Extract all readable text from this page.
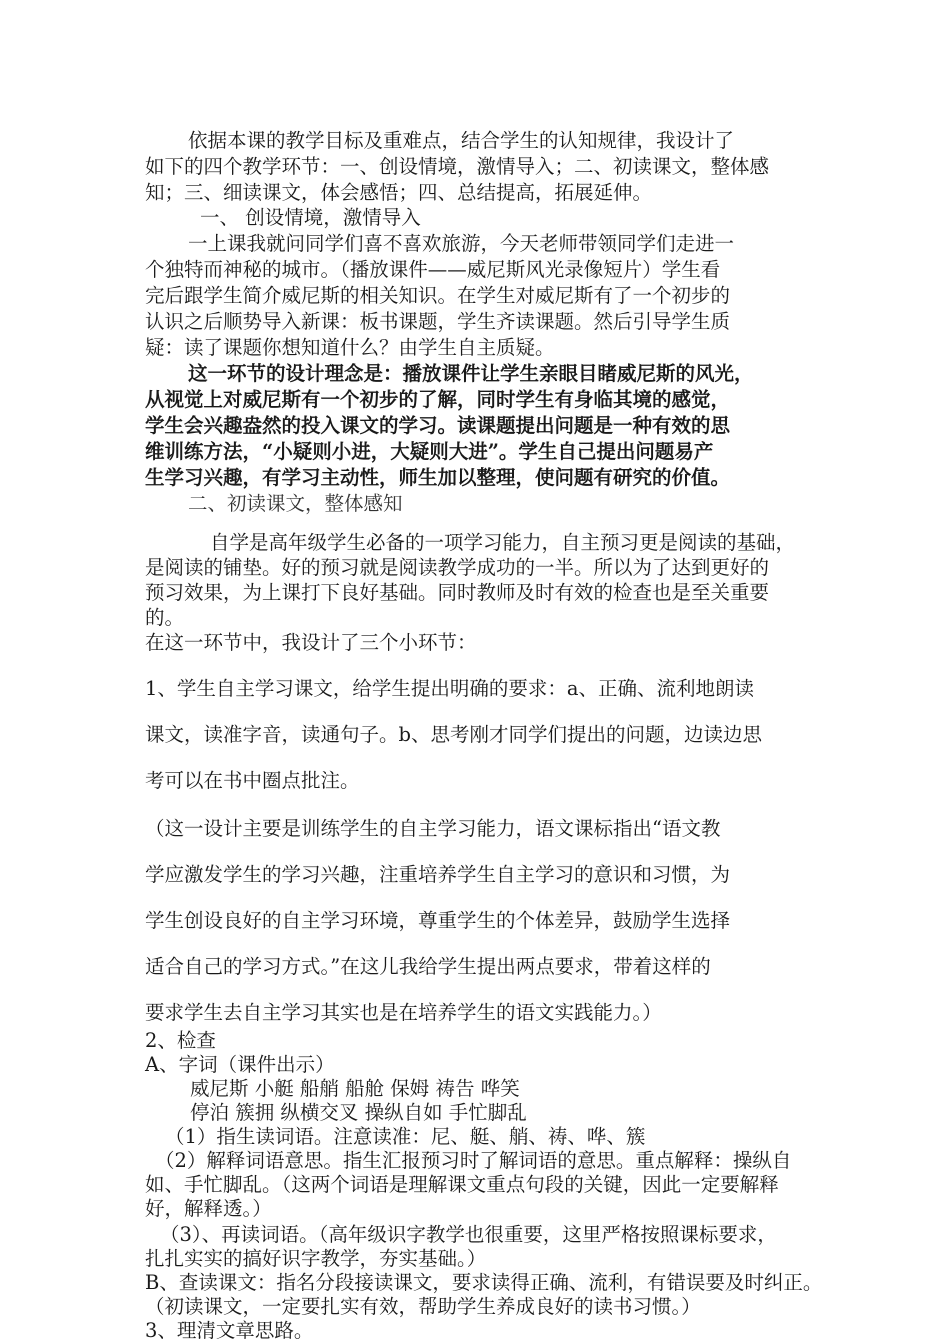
依据本课的教学目标及重难点，结合学生的认知规律，我设计了

如下的四个教学环节：一、创设情境，激情导入；二、初读课文，整体感

知；三、细读课文，体会感悟；四、总结提高，拓展延伸。

一、 创设情境，激情导入

一上课我就问同学们喜不喜欢旅游，今天老师带领同学们走进一

个独特而神秘的城市。（播放课件——威尼斯风光录像短片）学生看

完后跟学生简介威尼斯的相关知识。在学生对威尼斯有了一个初步的

认识之后顺势导入新课：板书课题，学生齐读课题。然后引导学生质

疑：读了课题你想知道什么？由学生自主质疑。

这一环节的设计理念是：播放课件让学生亲眼目睹威尼斯的风光，

从视觉上对威尼斯有一个初步的了解，同时学生有身临其境的感觉，

学生会兴趣盎然的投入课文的学习。读课题提出问题是一种有效的思

维训练方法，“小疑则小进，大疑则大进”。学生自己提出问题易产

生学习兴趣，有学习主动性，师生加以整理，使问题有研究的价值。

二、初读课文，整体感知

自学是高年级学生必备的一项学习能力，自主预习更是阅读的基础，

是阅读的铺垫。好的预习就是阅读教学成功的一半。所以为了达到更好的

预习效果，为上课打下良好基础。同时教师及时有效的检查也是至关重要

的。

在这一环节中，我设计了三个小环节：

1、学生自主学习课文，给学生提出明确的要求：a、正确、流利地朗读

课文，读准字音，读通句子。b、思考刚才同学们提出的问题，边读边思

考可以在书中圈点批注。

（这一设计主要是训练学生的自主学习能力，语文课标指出“语文教

学应激发学生的学习兴趣，注重培养学生自主学习的意识和习惯，为

学生创设良好的自主学习环境，尊重学生的个体差异，鼓励学生选择

适合自己的学习方式。”在这儿我给学生提出两点要求，带着这样的

要求学生去自主学习其实也是在培养学生的语文实践能力。）

2、检查

A、字词（课件出示）

威尼斯 小艇 船艄 船舱 保姆 祷告 哗笑

停泊 簇拥 纵横交叉 操纵自如 手忙脚乱

（1）指生读词语。注意读准：尼、艇、艄、祷、哗、簇

（2）解释词语意思。指生汇报预习时了解词语的意思。重点解释：操纵自

如、手忙脚乱。（这两个词语是理解课文重点句段的关键，因此一定要解释

好，解释透。）

（3）、再读词语。（高年级识字教学也很重要，这里严格按照课标要求，

扎扎实实的搞好识字教学，夯实基础。）

B、查读课文：指名分段接读课文，要求读得正确、流利，有错误要及时纠正。

（初读课文，一定要扎实有效，帮助学生养成良好的读书习惯。）

3、理清文章思路。
